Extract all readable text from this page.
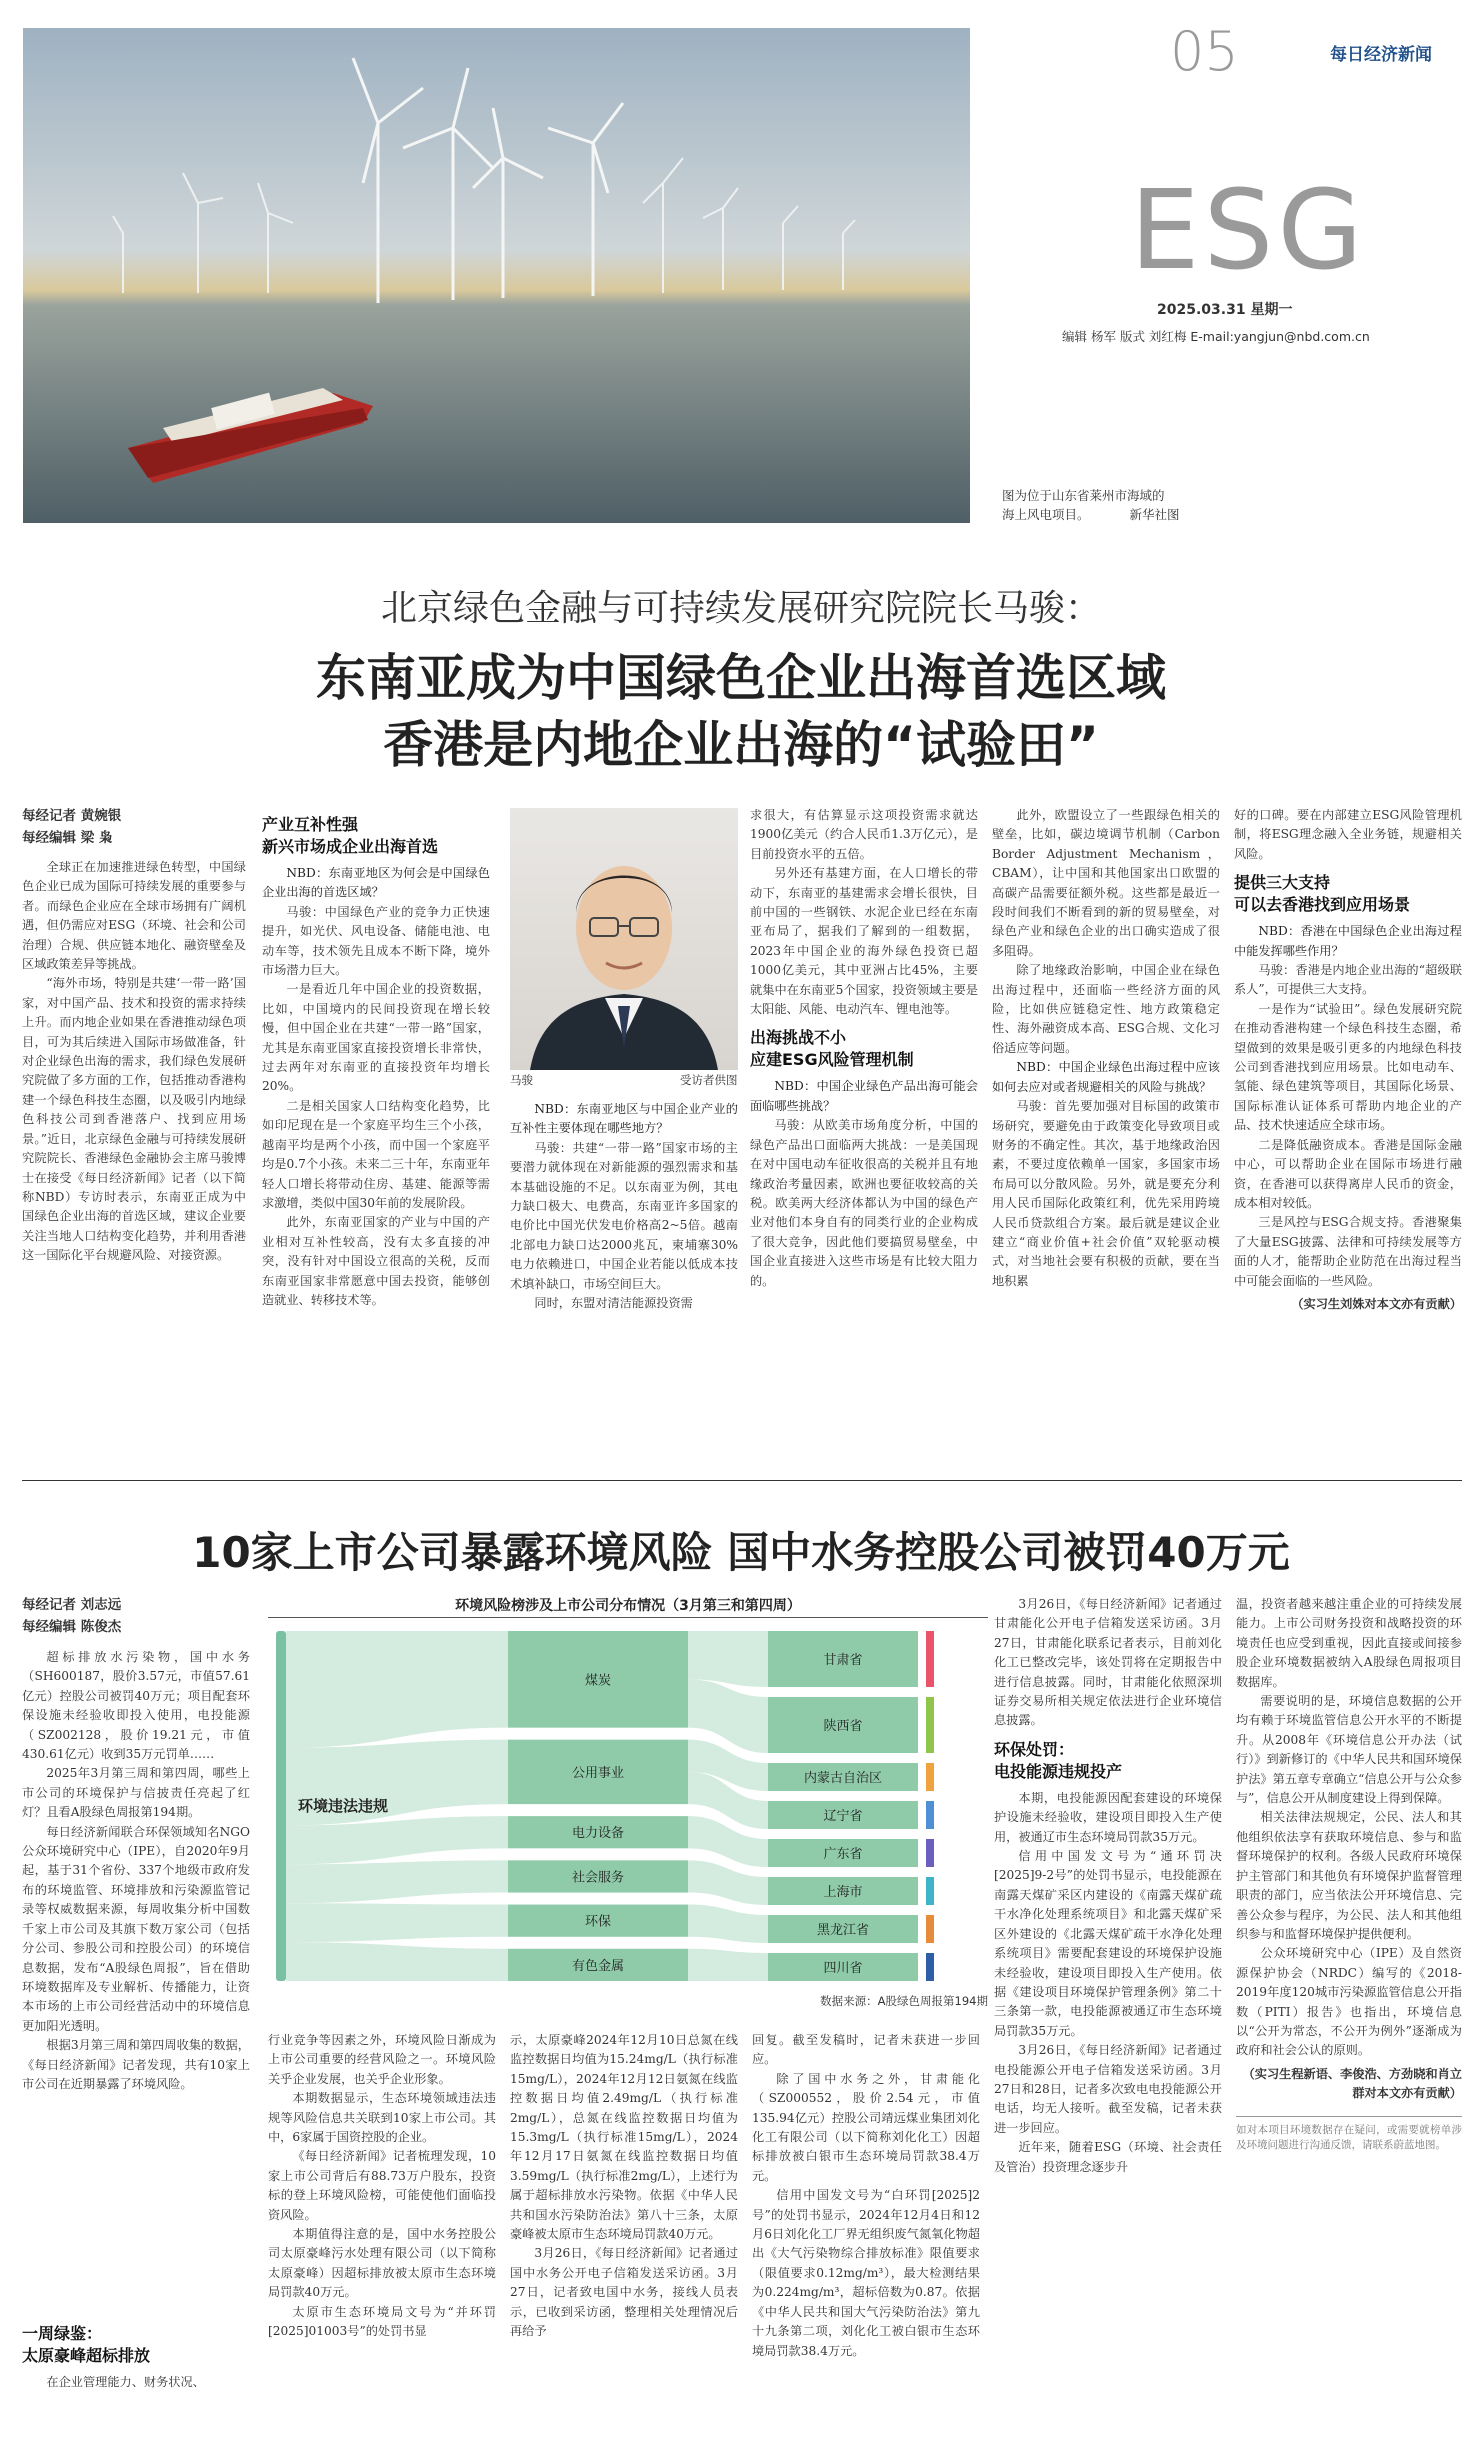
05	每日经济新闻
ESG
2025.03.31 星期一
编辑 杨军 版式 刘红梅 E-mail:yangjun@nbd.com.cn
图为位于山东省莱州市海域的
海上风电项目。	新华社图
北京绿色金融与可持续发展研究院院长马骏：
东南亚成为中国绿色企业出海首选区域
香港是内地企业出海的“试验田”
每经记者 黄婉银
每经编辑 梁 枭

全球正在加速推进绿色转型，中国绿色企业已成为国际可持续发展的重要参与者。而绿色企业应在全球市场拥有广阔机遇，但仍需应对ESG（环境、社会和公司治理）合规、供应链本地化、融资壁垒及区域政策差异等挑战。

“海外市场，特别是共建‘一带一路’国家，对中国产品、技术和投资的需求持续上升。而内地企业如果在香港推动绿色项目，可为其后续进入国际市场做准备，针对企业绿色出海的需求，我们绿色发展研究院做了多方面的工作，包括推动香港构建一个绿色科技生态圈，以及吸引内地绿色科技公司到香港落户、找到应用场景。”近日，北京绿色金融与可持续发展研究院院长、香港绿色金融协会主席马骏博士在接受《每日经济新闻》记者（以下简称NBD）专访时表示，东南亚正成为中国绿色企业出海的首选区域，建议企业要关注当地人口结构变化趋势，并利用香港这一国际化平台规避风险、对接资源。

产业互补性强
新兴市场成企业出海首选

NBD：东南亚地区为何会是中国绿色企业出海的首选区域？

马骏：中国绿色产业的竞争力正快速提升，如光伏、风电设备、储能电池、电动车等，技术领先且成本不断下降，境外市场潜力巨大。

一是看近几年中国企业的投资数据，比如，中国境内的民间投资现在增长较慢，但中国企业在共建“一带一路”国家，尤其是东南亚国家直接投资增长非常快，过去两年对东南亚的直接投资年均增长20%。

二是相关国家人口结构变化趋势，比如印尼现在是一个家庭平均生三个小孩，越南平均是两个小孩，而中国一个家庭平均是0.7个小孩。未来二三十年，东南亚年轻人口增长将带动住房、基建、能源等需求激增，类似中国30年前的发展阶段。

此外，东南亚国家的产业与中国的产业相对互补性较高，没有太多直接的冲突，没有针对中国设立很高的关税，反而东南亚国家非常愿意中国去投资，能够创造就业、转移技术等。

马骏	受访者供图

NBD：东南亚地区与中国企业产业的互补性主要体现在哪些地方？

马骏：共建“一带一路”国家市场的主要潜力就体现在对新能源的强烈需求和基本基础设施的不足。以东南亚为例，其电力缺口极大、电费高，东南亚许多国家的电价比中国光伏发电价格高2~5倍。越南北部电力缺口达2000兆瓦，柬埔寨30%电力依赖进口，中国企业若能以低成本技术填补缺口，市场空间巨大。

同时，东盟对清洁能源投资需

求很大，有估算显示这项投资需求就达1900亿美元（约合人民币1.3万亿元），是目前投资水平的五倍。

另外还有基建方面，在人口增长的带动下，东南亚的基建需求会增长很快，目前中国的一些钢铁、水泥企业已经在东南亚布局了，据我们了解到的一组数据，2023年中国企业的海外绿色投资已超1000亿美元，其中亚洲占比45%，主要就集中在东南亚5个国家，投资领域主要是太阳能、风能、电动汽车、锂电池等。

出海挑战不小
应建ESG风险管理机制

NBD：中国企业绿色产品出海可能会面临哪些挑战？

马骏：从欧美市场角度分析，中国的绿色产品出口面临两大挑战：一是美国现在对中国电动车征收很高的关税并且有地缘政治考量因素，欧洲也要征收较高的关税。欧美两大经济体都认为中国的绿色产业对他们本身自有的同类行业的企业构成了很大竞争，因此他们要搞贸易壁垒，中国企业直接进入这些市场是有比较大阻力的。

此外，欧盟设立了一些跟绿色相关的壁垒，比如，碳边境调节机制（Carbon Border Adjustment Mechanism，CBAM），让中国和其他国家出口欧盟的高碳产品需要征额外税。这些都是最近一段时间我们不断看到的新的贸易壁垒，对绿色产业和绿色企业的出口确实造成了很多阻碍。

除了地缘政治影响，中国企业在绿色出海过程中，还面临一些经济方面的风险，比如供应链稳定性、地方政策稳定性、海外融资成本高、ESG合规、文化习俗适应等问题。

NBD：中国企业绿色出海过程中应该如何去应对或者规避相关的风险与挑战？

马骏：首先要加强对目标国的政策市场研究，要避免由于政策变化导致项目或财务的不确定性。其次，基于地缘政治因素，不要过度依赖单一国家，多国家市场布局可以分散风险。另外，就是要充分利用人民币国际化政策红利，优先采用跨境人民币贷款组合方案。最后就是建议企业建立“商业价值+社会价值”双轮驱动模式，对当地社会要有积极的贡献，要在当地积累

好的口碑。要在内部建立ESG风险管理机制，将ESG理念融入全业务链，规避相关风险。

提供三大支持
可以去香港找到应用场景

NBD：香港在中国绿色企业出海过程中能发挥哪些作用？

马骏：香港是内地企业出海的“超级联系人”，可提供三大支持。

一是作为“试验田”。绿色发展研究院在推动香港构建一个绿色科技生态圈，希望做到的效果是吸引更多的内地绿色科技公司到香港找到应用场景。比如电动车、氢能、绿色建筑等项目，其国际化场景、国际标准认证体系可帮助内地企业的产品、技术快速适应全球市场。

二是降低融资成本。香港是国际金融中心，可以帮助企业在国际市场进行融资，在香港可以获得离岸人民币的资金，成本相对较低。

三是风控与ESG合规支持。香港聚集了大量ESG披露、法律和可持续发展等方面的人才，能帮助企业防范在出海过程当中可能会面临的一些风险。

（实习生刘姝对本文亦有贡献）
10家上市公司暴露环境风险 国中水务控股公司被罚40万元
每经记者 刘志远
每经编辑 陈俊杰

超标排放水污染物，国中水务（SH600187，股价3.57元，市值57.61亿元）控股公司被罚40万元；项目配套环保设施未经验收即投入使用，电投能源（SZ002128，股价19.21元，市值430.61亿元）收到35万元罚单……

2025年3月第三周和第四周，哪些上市公司的环境保护与信披责任亮起了红灯？且看A股绿色周报第194期。

每日经济新闻联合环保领域知名NGO公众环境研究中心（IPE），自2020年9月起，基于31个省份、337个地级市政府发布的环境监管、环境排放和污染源监管记录等权威数据来源，每周收集分析中国数千家上市公司及其旗下数万家公司（包括分公司、参股公司和控股公司）的环境信息数据，发布“A股绿色周报”，旨在借助环境数据库及专业解析、传播能力，让资本市场的上市公司经营活动中的环境信息更加阳光透明。

根据3月第三周和第四周收集的数据，《每日经济新闻》记者发现，共有10家上市公司在近期暴露了环境风险。

一周绿鉴：
太原豪峰超标排放

在企业管理能力、财务状况、

环境风险榜涉及上市公司分布情况（3月第三和第四周）
环境违法违规
煤炭
公用事业
电力设备
社会服务
环保
有色金属
甘肃省
陕西省
内蒙古自治区
辽宁省
广东省
上海市
黑龙江省
四川省
数据来源：A股绿色周报第194期

行业竞争等因素之外，环境风险日渐成为上市公司重要的经营风险之一。环境风险关乎企业发展，也关乎企业形象。

本期数据显示，生态环境领域违法违规等风险信息共关联到10家上市公司。其中，6家属于国资控股的企业。

《每日经济新闻》记者梳理发现，10家上市公司背后有88.73万户股东，投资标的登上环境风险榜，可能使他们面临投资风险。

本期值得注意的是，国中水务控股公司太原豪峰污水处理有限公司（以下简称太原豪峰）因超标排放被太原市生态环境局罚款40万元。

太原市生态环境局文号为“并环罚[2025]01003号”的处罚书显

示，太原豪峰2024年12月10日总氮在线监控数据日均值为15.24mg/L（执行标准15mg/L），2024年12月12日氨氮在线监控数据日均值2.49mg/L（执行标准2mg/L），总氮在线监控数据日均值为15.3mg/L（执行标准15mg/L），2024年12月17日氨氮在线监控数据日均值3.59mg/L（执行标准2mg/L），上述行为属于超标排放水污染物。依据《中华人民共和国水污染防治法》第八十三条，太原豪峰被太原市生态环境局罚款40万元。

3月26日，《每日经济新闻》记者通过国中水务公开电子信箱发送采访函。3月27日，记者致电国中水务，接线人员表示，已收到采访函，整理相关处理情况后再给予

回复。截至发稿时，记者未获进一步回应。

除了国中水务之外，甘肃能化（SZ000552，股价2.54元，市值135.94亿元）控股公司靖远煤业集团刘化化工有限公司（以下简称刘化化工）因超标排放被白银市生态环境局罚款38.4万元。

信用中国发文号为“白环罚[2025]2号”的处罚书显示，2024年12月4日和12月6日刘化化工厂界无组织废气氮氧化物超出《大气污染物综合排放标准》限值要求（限值要求0.12mg/m³），最大检测结果为0.224mg/m³，超标倍数为0.87。依据《中华人民共和国大气污染防治法》第九十九条第二项，刘化化工被白银市生态环境局罚款38.4万元。

3月26日，《每日经济新闻》记者通过甘肃能化公开电子信箱发送采访函。3月27日，甘肃能化联系记者表示，目前刘化化工已整改完毕，该处罚将在定期报告中进行信息披露。同时，甘肃能化依照深圳证券交易所相关规定依法进行企业环境信息披露。

环保处罚：
电投能源违规投产

本期，电投能源因配套建设的环境保护设施未经验收，建设项目即投入生产使用，被通辽市生态环境局罚款35万元。

信用中国发文号为“通环罚决[2025]9-2号”的处罚书显示，电投能源在南露天煤矿采区内建设的《南露天煤矿疏干水净化处理系统项目》和北露天煤矿采区外建设的《北露天煤矿疏干水净化处理系统项目》需要配套建设的环境保护设施未经验收，建设项目即投入生产使用。依据《建设项目环境保护管理条例》第二十三条第一款，电投能源被通辽市生态环境局罚款35万元。

3月26日，《每日经济新闻》记者通过电投能源公开电子信箱发送采访函。3月27日和28日，记者多次致电电投能源公开电话，均无人接听。截至发稿，记者未获进一步回应。

近年来，随着ESG（环境、社会责任及管治）投资理念逐步升

温，投资者越来越注重企业的可持续发展能力。上市公司财务投资和战略投资的环境责任也应受到重视，因此直接或间接参股企业环境数据被纳入A股绿色周报项目数据库。

需要说明的是，环境信息数据的公开均有赖于环境监管信息公开水平的不断提升。从2008年《环境信息公开办法（试行）》到新修订的《中华人民共和国环境保护法》第五章专章确立“信息公开与公众参与”，信息公开从制度建设上得到保障。

相关法律法规规定，公民、法人和其他组织依法享有获取环境信息、参与和监督环境保护的权利。各级人民政府环境保护主管部门和其他负有环境保护监督管理职责的部门，应当依法公开环境信息、完善公众参与程序，为公民、法人和其他组织参与和监督环境保护提供便利。

公众环境研究中心（IPE）及自然资源保护协会（NRDC）编写的《2018-2019年度120城市污染源监管信息公开指数（PITI）报告》也指出，环境信息以“公开为常态，不公开为例外”逐渐成为政府和社会公认的原则。

（实习生程新语、李俊浩、方劲晓和肖立群对本文亦有贡献）
如对本项目环境数据存在疑问，或需要就榜单涉及环境问题进行沟通反馈，请联系蔚蓝地图。
